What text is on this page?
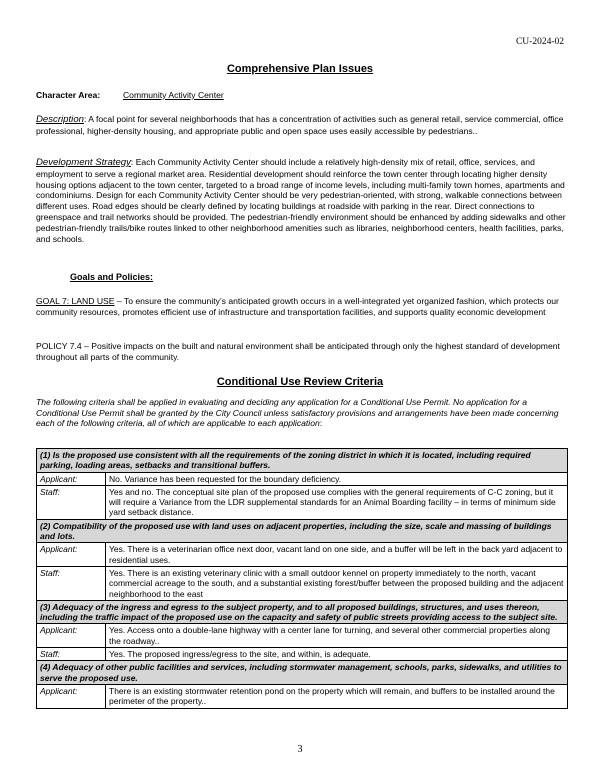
CU-2024-02
Comprehensive Plan Issues
Character Area:	Community Activity Center
Description: A focal point for several neighborhoods that has a concentration of activities such as general retail, service commercial, office professional, higher-density housing, and appropriate public and open space uses easily accessible by pedestrians..
Development Strategy: Each Community Activity Center should include a relatively high-density mix of retail, office, services, and employment to serve a regional market area. Residential development should reinforce the town center through locating higher density housing options adjacent to the town center, targeted to a broad range of income levels, including multi-family town homes, apartments and condominiums. Design for each Community Activity Center should be very pedestrian-oriented, with strong, walkable connections between different uses. Road edges should be clearly defined by locating buildings at roadside with parking in the rear. Direct connections to greenspace and trail networks should be provided. The pedestrian-friendly environment should be enhanced by adding sidewalks and other pedestrian-friendly trails/bike routes linked to other neighborhood amenities such as libraries, neighborhood centers, health facilities, parks, and schools.
Goals and Policies:
GOAL 7: LAND USE – To ensure the community’s anticipated growth occurs in a well-integrated yet organized fashion, which protects our community resources, promotes efficient use of infrastructure and transportation facilities, and supports quality economic development
POLICY 7.4 – Positive impacts on the built and natural environment shall be anticipated through only the highest standard of development throughout all parts of the community.
Conditional Use Review Criteria
The following criteria shall be applied in evaluating and deciding any application for a Conditional Use Permit. No application for a Conditional Use Permit shall be granted by the City Council unless satisfactory provisions and arrangements have been made concerning each of the following criteria, all of which are applicable to each application:
(1) Is the proposed use consistent with all the requirements of the zoning district in which it is located, including required parking, loading areas, setbacks and transitional buffers.	
Applicant:	No. Variance has been requested for the boundary deficiency.
Staff:	Yes and no. The conceptual site plan of the proposed use complies with the general requirements of C-C zoning, but it will require a Variance from the LDR supplemental standards for an Animal Boarding facility – in terms of minimum side yard setback distance.
(2) Compatibility of the proposed use with land uses on adjacent properties, including the size, scale and massing of buildings and lots.	
Applicant:	Yes. There is a veterinarian office next door, vacant land on one side, and a buffer will be left in the back yard adjacent to residential uses.
Staff:	Yes. There is an existing veterinary clinic with a small outdoor kennel on property immediately to the north, vacant commercial acreage to the south, and a substantial existing forest/buffer between the proposed building and the adjacent neighborhood to the east
(3) Adequacy of the ingress and egress to the subject property, and to all proposed buildings, structures, and uses thereon, including the traffic impact of the proposed use on the capacity and safety of public streets providing access to the subject site.	
Applicant:	Yes. Access onto a double-lane highway with a center lane for turning, and several other commercial properties along the roadway..
Staff:	Yes. The proposed ingress/egress to the site, and within, is adequate.
(4) Adequacy of other public facilities and services, including stormwater management, schools, parks, sidewalks, and utilities to serve the proposed use.	
Applicant:	There is an existing stormwater retention pond on the property which will remain, and buffers to be installed around the perimeter of the property..
3
